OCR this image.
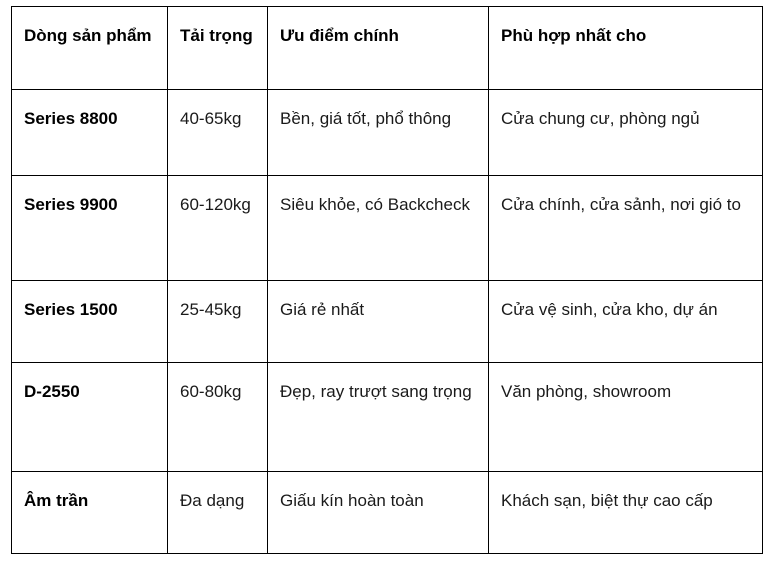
Dòng sản phẩm	Tải trọng	Ưu điểm chính	Phù hợp nhất cho
Series 8800	40-65kg	Bền, giá tốt, phổ thông	Cửa chung cư, phòng ngủ
Series 9900	60-120kg	Siêu khỏe, có Backcheck	Cửa chính, cửa sảnh, nơi gió to
Series 1500	25-45kg	Giá rẻ nhất	Cửa vệ sinh, cửa kho, dự án
D-2550	60-80kg	Đẹp, ray trượt sang trọng	Văn phòng, showroom
Âm trần	Đa dạng	Giấu kín hoàn toàn	Khách sạn, biệt thự cao cấp
